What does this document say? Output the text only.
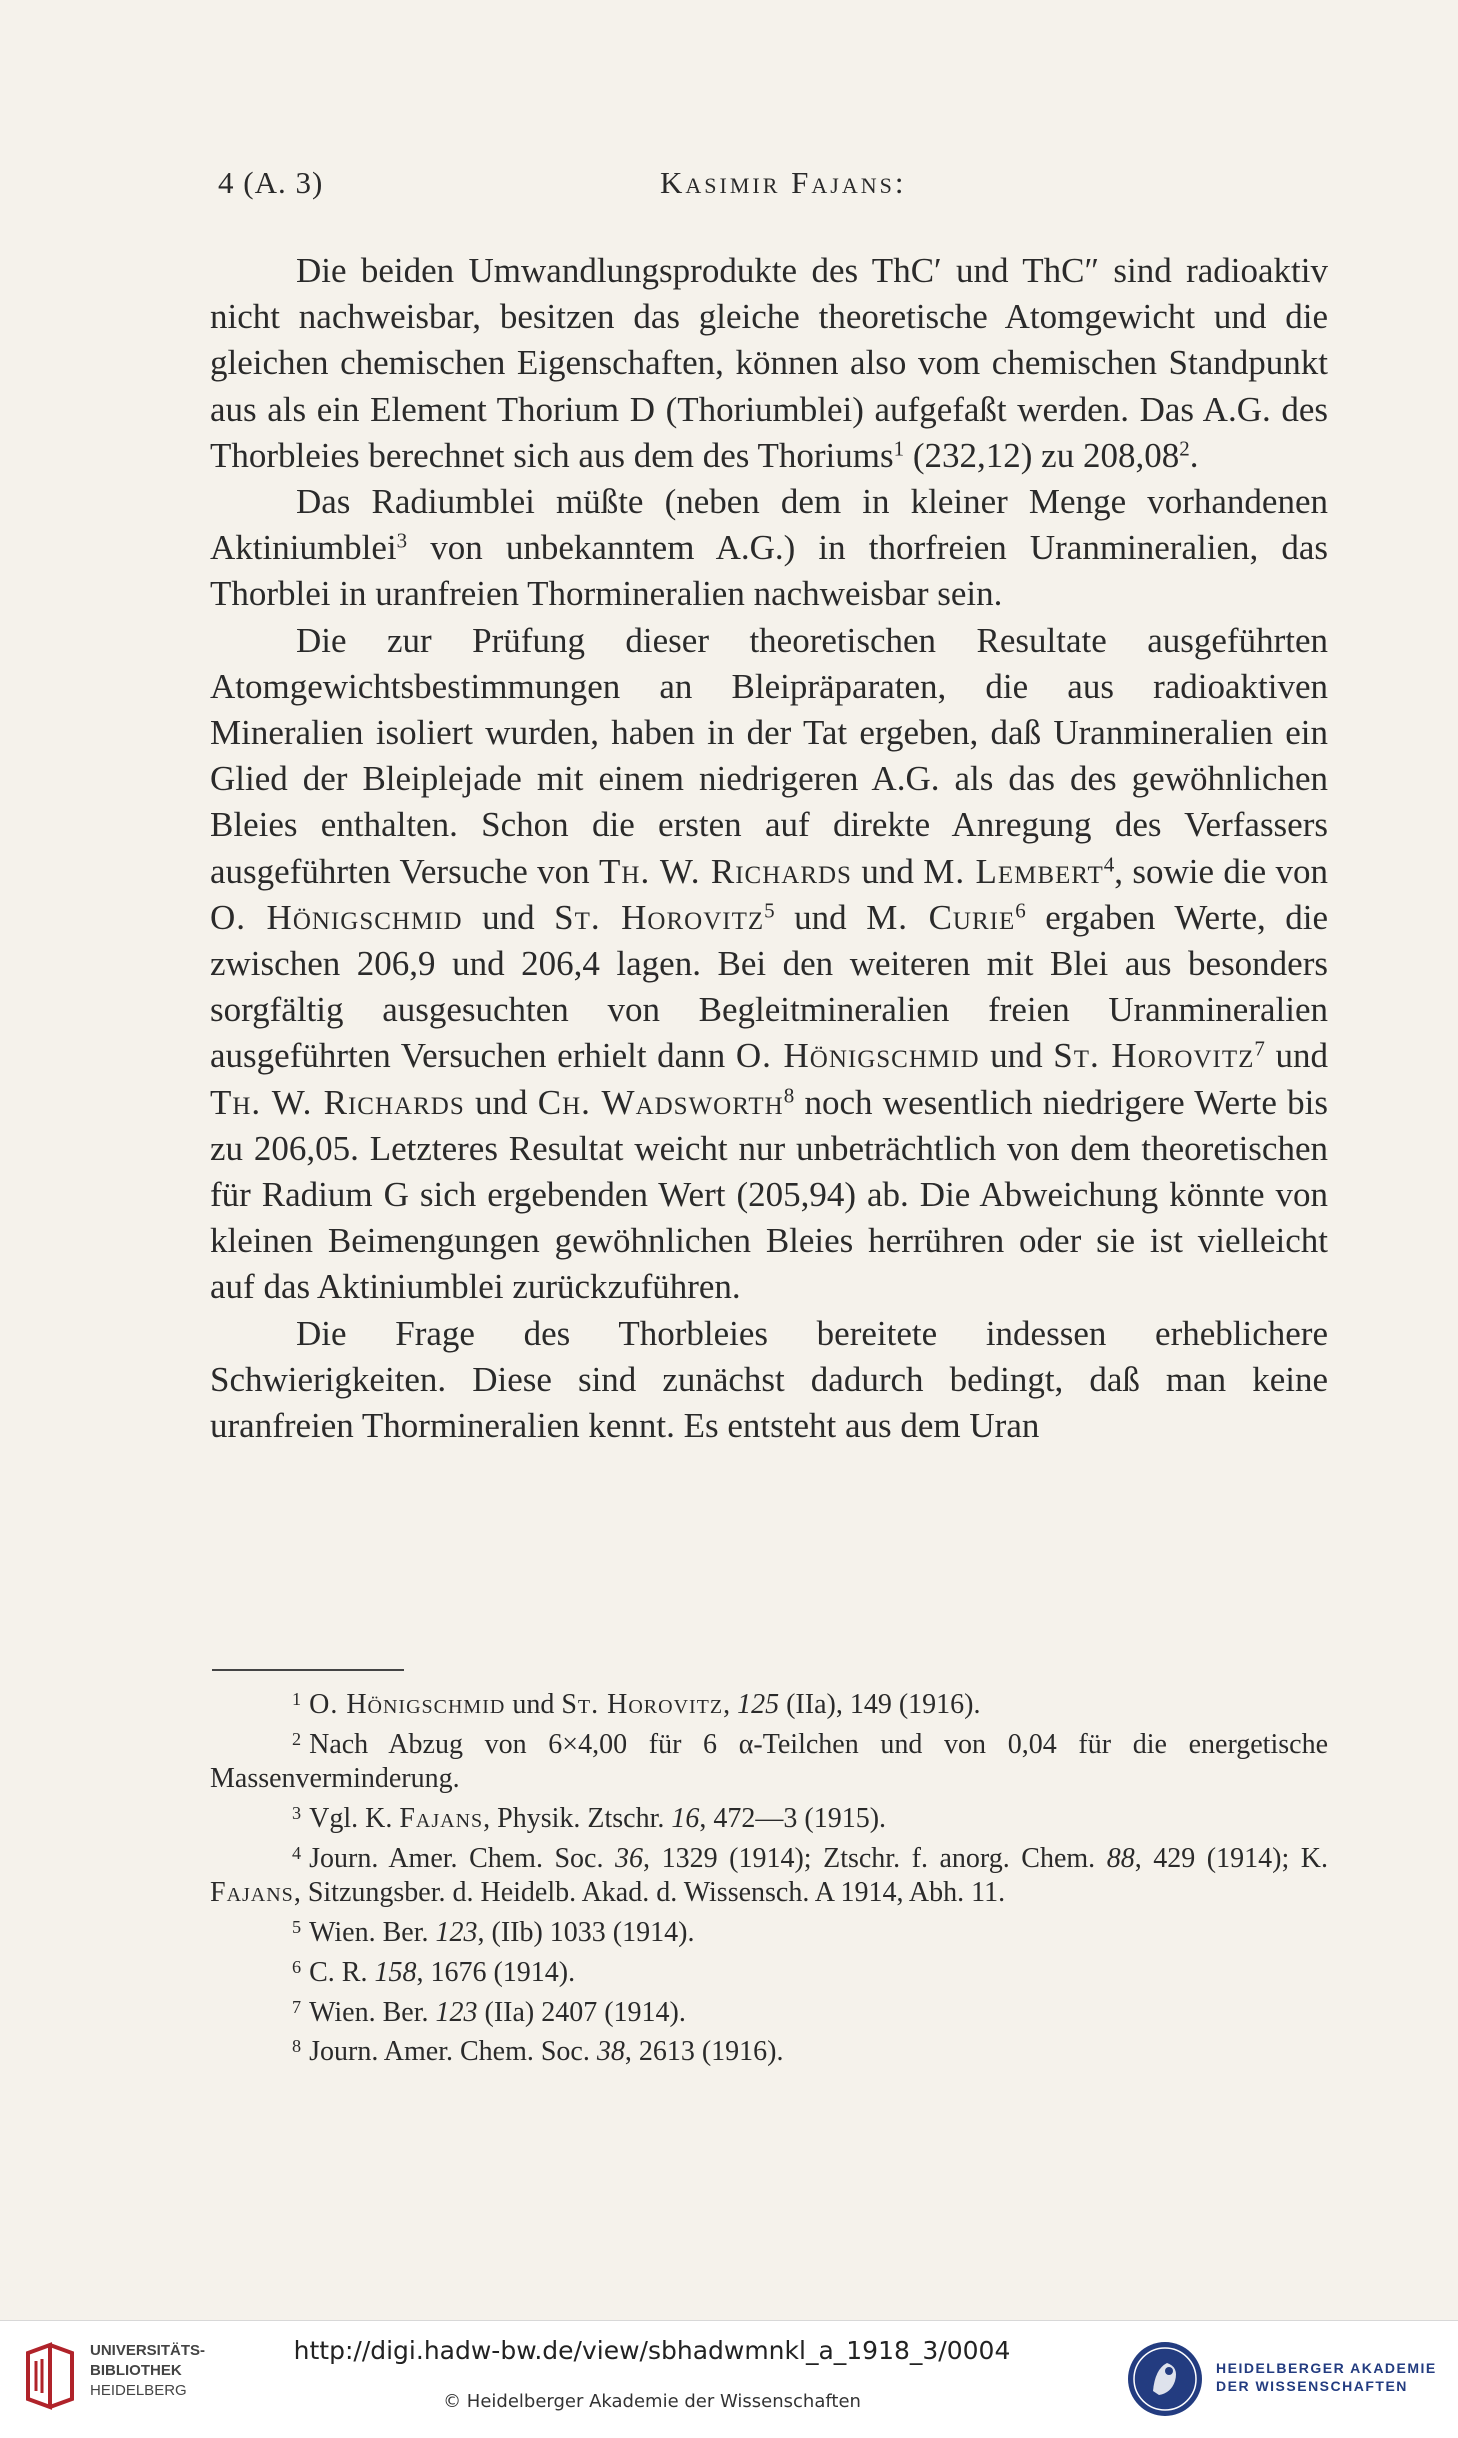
4 (A. 3)	Kasimir Fajans:

Die beiden Umwandlungsprodukte des ThC′ und ThC″ sind radioaktiv nicht nachweisbar, besitzen das gleiche theoretische Atomgewicht und die gleichen chemischen Eigenschaften, können also vom chemischen Standpunkt aus als ein Element Thorium D (Thoriumblei) aufgefaßt werden. Das A.G. des Thorbleies berechnet sich aus dem des Thoriums$^1$ (232,12) zu 208,08$^2$.

Das Radiumblei müßte (neben dem in kleiner Menge vorhandenen Aktiniumblei$^3$ von unbekanntem A.G.) in thorfreien Uranmineralien, das Thorblei in uranfreien Thormineralien nachweisbar sein.

Die zur Prüfung dieser theoretischen Resultate ausgeführten Atomgewichtsbestimmungen an Bleipräparaten, die aus radioaktiven Mineralien isoliert wurden, haben in der Tat ergeben, daß Uranmineralien ein Glied der Bleiplejade mit einem niedrigeren A.G. als das des gewöhnlichen Bleies enthalten. Schon die ersten auf direkte Anregung des Verfassers ausgeführten Versuche von Th. W. Richards und M. Lembert$^4$, sowie die von O. Hönigschmid und St. Horovitz$^5$ und M. Curie$^6$ ergaben Werte, die zwischen 206,9 und 206,4 lagen. Bei den weiteren mit Blei aus besonders sorgfältig ausgesuchten von Begleitmineralien freien Uranmineralien ausgeführten Versuchen erhielt dann O. Hönigschmid und St. Horovitz$^7$ und Th. W. Richards und Ch. Wadsworth$^8$ noch wesentlich niedrigere Werte bis zu 206,05. Letzteres Resultat weicht nur unbeträchtlich von dem theoretischen für Radium G sich ergebenden Wert (205,94) ab. Die Abweichung könnte von kleinen Beimengungen gewöhnlichen Bleies herrühren oder sie ist vielleicht auf das Aktiniumblei zurückzuführen.

Die Frage des Thorbleies bereitete indessen erheblichere Schwierigkeiten. Diese sind zunächst dadurch bedingt, daß man keine uranfreien Thormineralien kennt. Es entsteht aus dem Uran

$^1$ O. Hönigschmid und St. Horovitz, 125 (IIa), 149 (1916).

$^2$ Nach Abzug von 6×4,00 für 6 α-Teilchen und von 0,04 für die energetische Massenverminderung.

$^3$ Vgl. K. Fajans, Physik. Ztschr. 16, 472—3 (1915).

$^4$ Journ. Amer. Chem. Soc. 36, 1329 (1914); Ztschr. f. anorg. Chem. 88, 429 (1914); K. Fajans, Sitzungsber. d. Heidelb. Akad. d. Wissensch. A 1914, Abh. 11.

$^5$ Wien. Ber. 123, (IIb) 1033 (1914).

$^6$ C. R. 158, 1676 (1914).

$^7$ Wien. Ber. 123 (IIa) 2407 (1914).

$^8$ Journ. Amer. Chem. Soc. 38, 2613 (1916).

UNIVERSITÄTS-
BIBLIOTHEK
HEIDELBERG
http://digi.hadw-bw.de/view/sbhadwmnkl_a_1918_3/0004
© Heidelberger Akademie der Wissenschaften
HEIDELBERGER AKADEMIE
DER WISSENSCHAFTEN
